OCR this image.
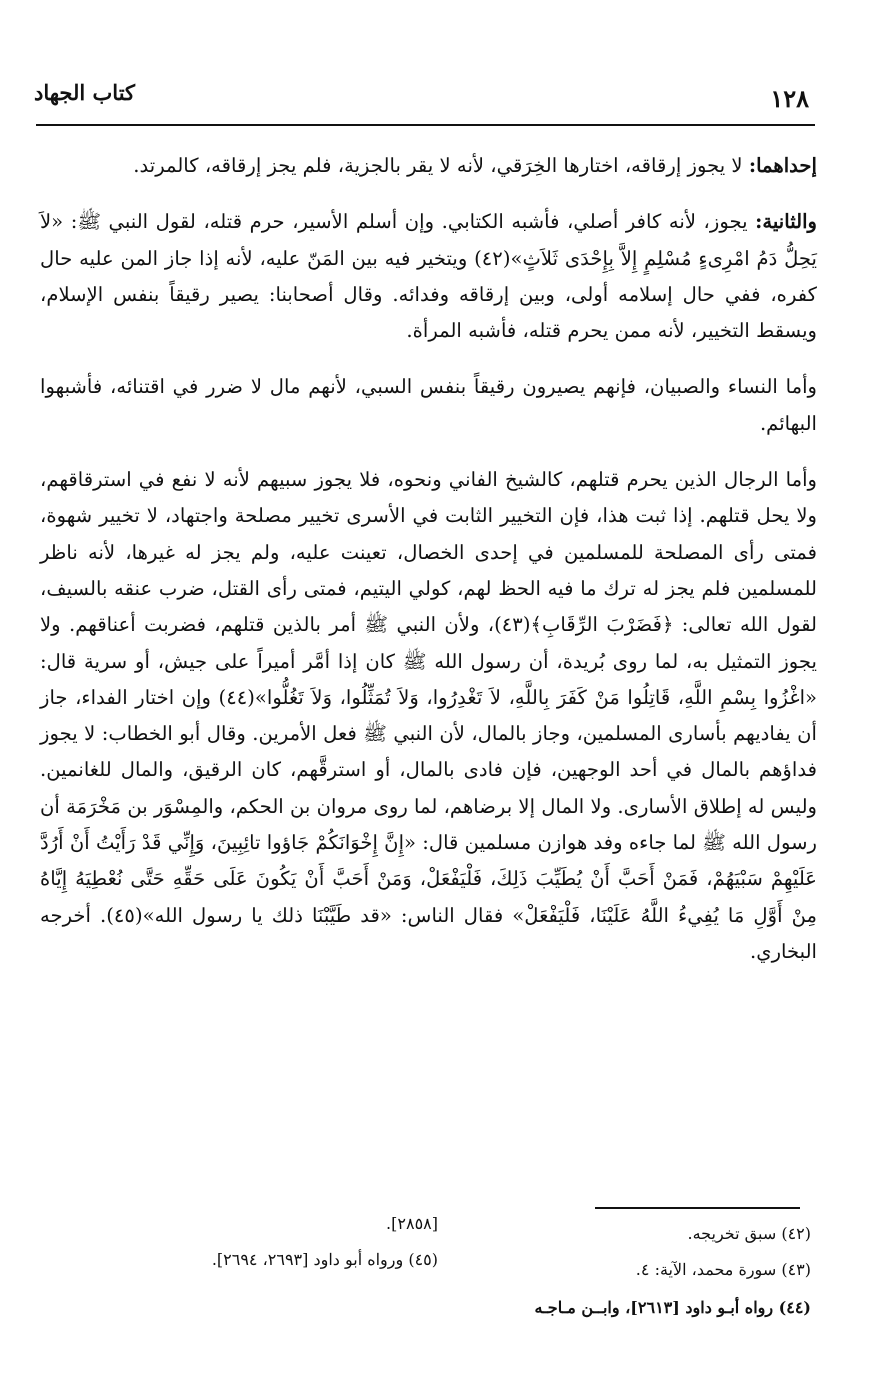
١٢٨
كتاب الجهاد

إحداهما: لا يجوز إرقاقه، اختارها الخِرَقي، لأنه لا يقر بالجزية، فلم يجز إرقاقه، كالمرتد.

والثانية: يجوز، لأنه كافر أصلي، فأشبه الكتابي. وإن أسلم الأسير، حرم قتله، لقول النبي ﷺ: «لاَ يَحِلُّ دَمُ امْرِىءٍ مُسْلِمٍ إِلاَّ بِإِحْدَى ثَلاَثٍ»(٤٢) ويتخير فيه بين المَنّ عليه، لأنه إذا جاز المن عليه حال كفره، ففي حال إسلامه أولى، وبين إرقاقه وفدائه. وقال أصحابنا: يصير رقيقاً بنفس الإسلام، ويسقط التخيير، لأنه ممن يحرم قتله، فأشبه المرأة.

وأما النساء والصبيان، فإنهم يصيرون رقيقاً بنفس السبي، لأنهم مال لا ضرر في اقتنائه، فأشبهوا البهائم.

وأما الرجال الذين يحرم قتلهم، كالشيخ الفاني ونحوه، فلا يجوز سبيهم لأنه لا نفع في استرقاقهم، ولا يحل قتلهم. إذا ثبت هذا، فإن التخيير الثابت في الأسرى تخيير مصلحة واجتهاد، لا تخيير شهوة، فمتى رأى المصلحة للمسلمين في إحدى الخصال، تعينت عليه، ولم يجز له غيرها، لأنه ناظر للمسلمين فلم يجز له ترك ما فيه الحظ لهم، كولي اليتيم، فمتى رأى القتل، ضرب عنقه بالسيف، لقول الله تعالى: ﴿فَضَرْبَ الرِّقَابِ﴾(٤٣)، ولأن النبي ﷺ أمر بالذين قتلهم، فضربت أعناقهم. ولا يجوز التمثيل به، لما روى بُريدة، أن رسول الله ﷺ كان إذا أمَّر أميراً على جيش، أو سرية قال: «اغْزُوا بِسْمِ اللَّهِ، قَاتِلُوا مَنْ كَفَرَ بِاللَّهِ، لاَ تَغْدِرُوا، وَلاَ تُمَثِّلُوا، وَلاَ تَغُلُّوا»(٤٤) وإن اختار الفداء، جاز أن يفاديهم بأسارى المسلمين، وجاز بالمال، لأن النبي ﷺ فعل الأمرين. وقال أبو الخطاب: لا يجوز فداؤهم بالمال في أحد الوجهين، فإن فادى بالمال، أو استرقَّهم، كان الرقيق، والمال للغانمين. وليس له إطلاق الأسارى. ولا المال إلا برضاهم، لما روى مروان بن الحكم، والمِسْوَر بن مَخْرَمَة أن رسول الله ﷺ لما جاءه وفد هوازن مسلمين قال: «إِنَّ إِخْوَانَكُمْ جَاؤوا تائِبِينَ، وَإِنِّي قَدْ رَأَيْتُ أَنْ أَرُدَّ عَلَيْهِمْ سَبْيَهُمْ، فَمَنْ أَحَبَّ أَنْ يُطَيِّبَ ذَلِكَ، فَلْيَفْعَلْ، وَمَنْ أَحَبَّ أَنْ يَكُونَ عَلَى حَقِّهِ حَتَّى نُعْطِيَهُ إِيَّاهُ مِنْ أَوَّلِ مَا يُفِيءُ اللَّهُ عَلَيْنَا، فَلْيَفْعَلْ» فقال الناس: «قد طَيَّبْنَا ذلك يا رسول الله»(٤٥). أخرجه البخاري.

(٤٢) سبق تخريجه.
(٤٣) سورة محمد، الآية: ٤.
[٢٨٥٨].
(٤٥) ورواه أبو داود [٢٦٩٣، ٢٦٩٤].
(٤٤) رواه أبـو داود [٢٦١٣]، وابــن مـاجـه
